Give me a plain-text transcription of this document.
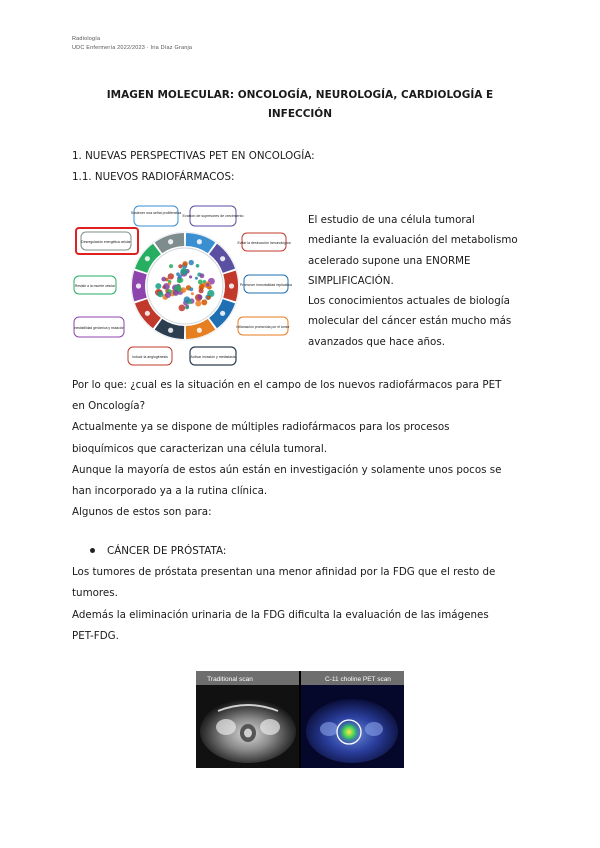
Radiología
UDC Enfermería 2022/2023 · Iria Díaz Granja
IMAGEN MOLECULAR: ONCOLOGÍA, NEUROLOGÍA, CARDIOLOGÍA E
INFECCIÓN
1. NUEVAS PERSPECTIVAS PET EN ONCOLOGÍA:
1.1. NUEVOS RADIOFÁRMACOS:
Sostener una señal proliferativa
Evasión de supresores de crecimiento
Evitar la destrucción inmunológica
Promover inmortalidad replicativa
Inflamación promovida por el tumor
Activar invasión y metástasis
Inducir la angiogénesis
Inestabilidad genómica y mutación
Resistir a la muerte celular
Desregulación energética celular
El estudio de una célula tumoral
mediante la evaluación del metabolismo
acelerado supone una ENORME
SIMPLIFICACIÓN.
Los conocimientos actuales de biología
molecular del cáncer están mucho más
avanzados que hace años.
Por lo que: ¿cual es la situación en el campo de los nuevos radiofármacos para PET
en Oncología?
Actualmente ya se dispone de múltiples radiofármacos para los procesos
bioquímicos que caracterizan una célula tumoral.
Aunque la mayoría de estos aún están en investigación y solamente unos pocos se
han incorporado ya a la rutina clínica.
Algunos de estos son para:
CÁNCER DE PRÓSTATA:
Los tumores de próstata presentan una menor afinidad por la FDG que el resto de
tumores.
Además la eliminación urinaria de la FDG dificulta la evaluación de las imágenes
PET-FDG.
Traditional scan	C-11 choline PET scan
